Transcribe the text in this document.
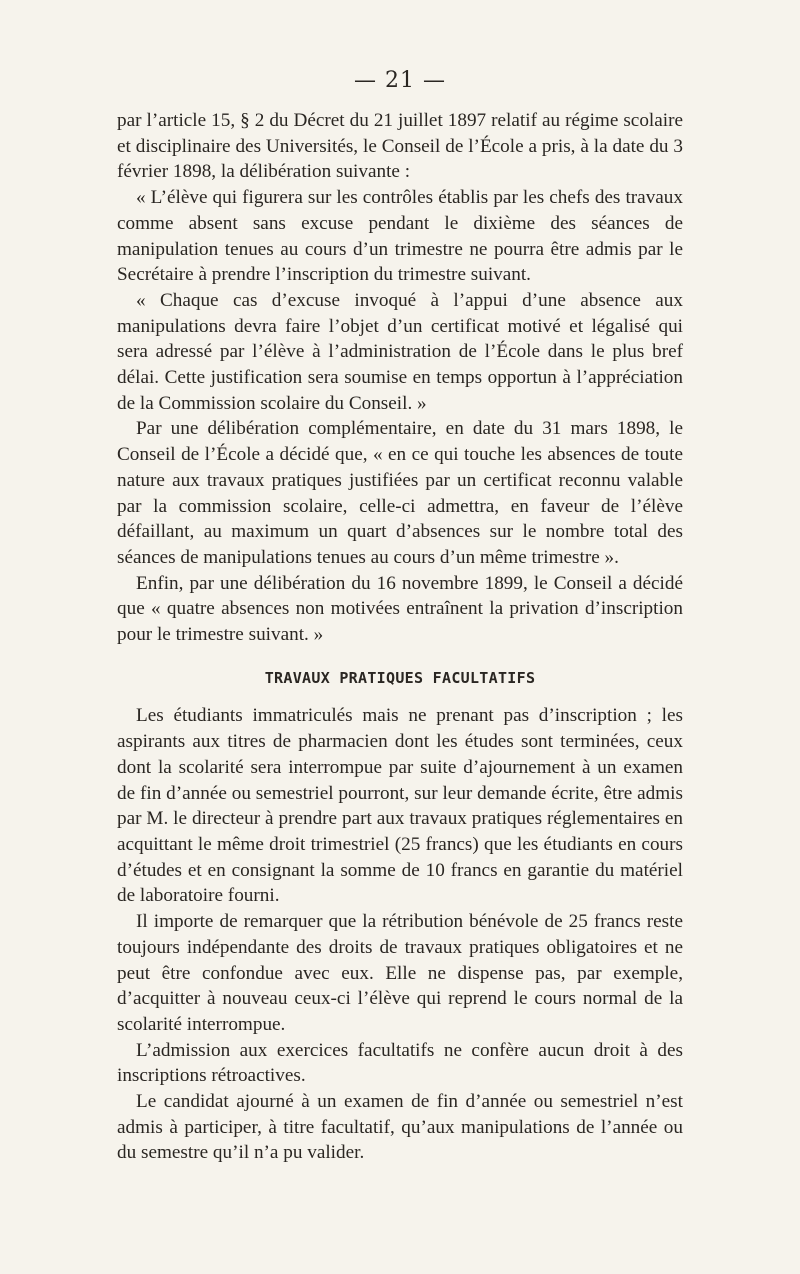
— 21 —

par l’article 15, § 2 du Décret du 21 juillet 1897 relatif au régime scolaire et disciplinaire des Universités, le Conseil de l’École a pris, à la date du 3 février 1898, la délibération suivante :

« L’élève qui figurera sur les contrôles établis par les chefs des travaux comme absent sans excuse pendant le dixième des séances de manipulation tenues au cours d’un trimestre ne pourra être admis par le Secrétaire à prendre l’inscription du trimestre suivant.

« Chaque cas d’excuse invoqué à l’appui d’une absence aux manipulations devra faire l’objet d’un certificat motivé et légalisé qui sera adressé par l’élève à l’administration de l’École dans le plus bref délai. Cette justification sera soumise en temps opportun à l’appréciation de la Commission scolaire du Conseil. »

Par une délibération complémentaire, en date du 31 mars 1898, le Conseil de l’École a décidé que, « en ce qui touche les absences de toute nature aux travaux pratiques justifiées par un certificat reconnu valable par la commission scolaire, celle-ci admettra, en faveur de l’élève défaillant, au maximum un quart d’absences sur le nombre total des séances de manipulations tenues au cours d’un même trimestre ».

Enfin, par une délibération du 16 novembre 1899, le Conseil a décidé que « quatre absences non motivées entraînent la privation d’inscription pour le trimestre suivant. »

TRAVAUX PRATIQUES FACULTATIFS

Les étudiants immatriculés mais ne prenant pas d’inscription ; les aspirants aux titres de pharmacien dont les études sont terminées, ceux dont la scolarité sera interrompue par suite d’ajournement à un examen de fin d’année ou semestriel pourront, sur leur demande écrite, être admis par M. le directeur à prendre part aux travaux pratiques réglementaires en acquittant le même droit trimestriel (25 francs) que les étudiants en cours d’études et en consignant la somme de 10 francs en garantie du matériel de laboratoire fourni.

Il importe de remarquer que la rétribution bénévole de 25 francs reste toujours indépendante des droits de travaux pratiques obligatoires et ne peut être confondue avec eux. Elle ne dispense pas, par exemple, d’acquitter à nouveau ceux-ci l’élève qui reprend le cours normal de la scolarité interrompue.

L’admission aux exercices facultatifs ne confère aucun droit à des inscriptions rétroactives.

Le candidat ajourné à un examen de fin d’année ou semestriel n’est admis à participer, à titre facultatif, qu’aux manipulations de l’année ou du semestre qu’il n’a pu valider.
